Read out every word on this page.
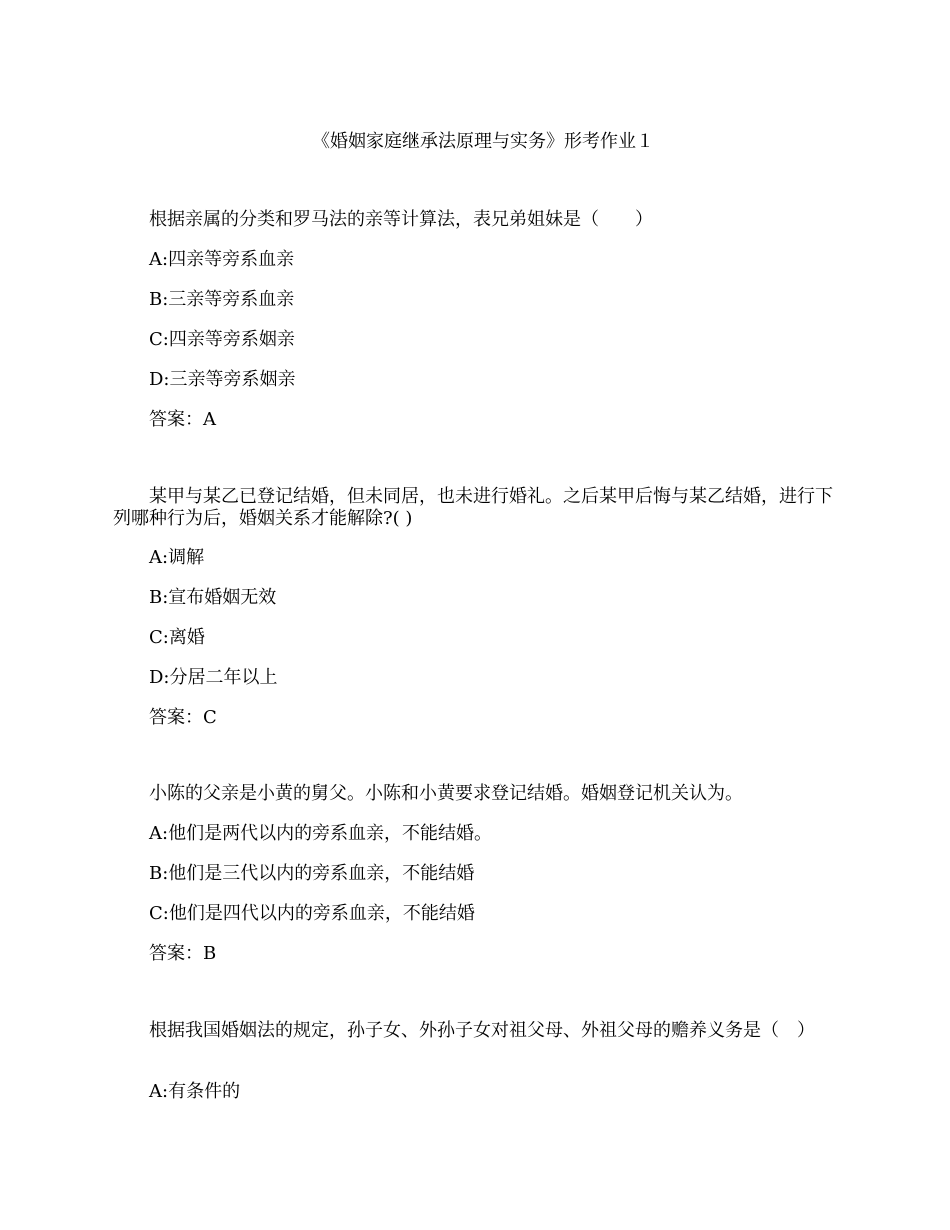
《婚姻家庭继承法原理与实务》形考作业１
根据亲属的分类和罗马法的亲等计算法，表兄弟姐妹是（　　）
A:四亲等旁系血亲
B:三亲等旁系血亲
C:四亲等旁系姻亲
D:三亲等旁系姻亲
答案：A
某甲与某乙已登记结婚，但未同居，也未进行婚礼。之后某甲后悔与某乙结婚，进行下列哪种行为后，婚姻关系才能解除?( )
A:调解
B:宣布婚姻无效
C:离婚
D:分居二年以上
答案：C
小陈的父亲是小黄的舅父。小陈和小黄要求登记结婚。婚姻登记机关认为。
A:他们是两代以内的旁系血亲，不能结婚。
B:他们是三代以内的旁系血亲，不能结婚
C:他们是四代以内的旁系血亲，不能结婚
答案：B
根据我国婚姻法的规定，孙子女、外孙子女对祖父母、外祖父母的赡养义务是（　）
A:有条件的
